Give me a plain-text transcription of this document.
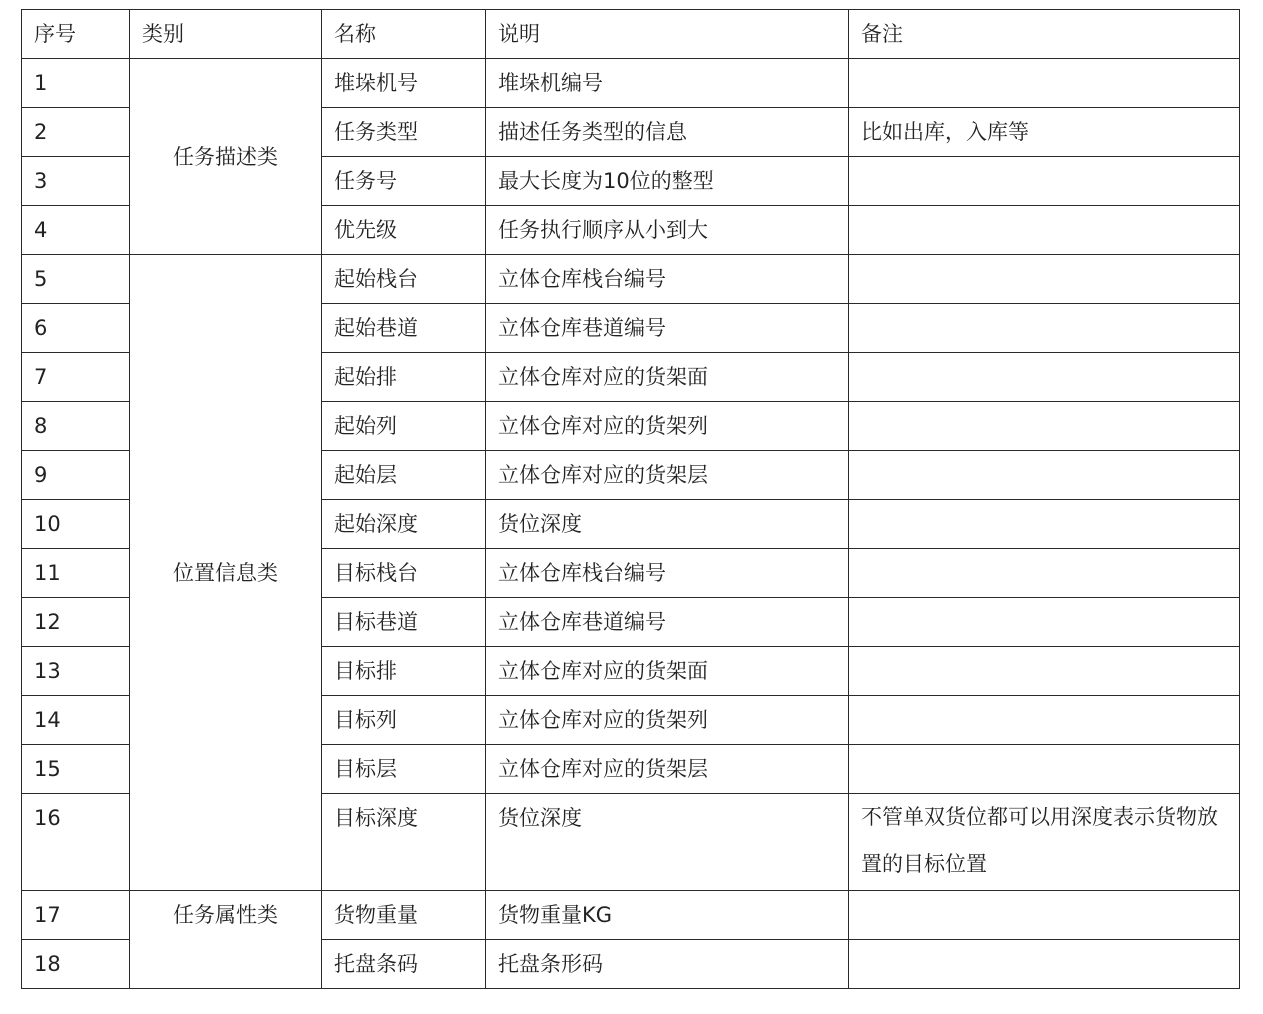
序号	类别	名称	说明	备注
1	任务描述类	堆垛机号	堆垛机编号	
2		任务类型	描述任务类型的信息	比如出库，入库等
3		任务号	最大长度为10位的整型	
4		优先级	任务执行顺序从小到大	
5	位置信息类	起始栈台	立体仓库栈台编号	
6		起始巷道	立体仓库巷道编号	
7		起始排	立体仓库对应的货架面	
8		起始列	立体仓库对应的货架列	
9		起始层	立体仓库对应的货架层	
10		起始深度	货位深度	
11		目标栈台	立体仓库栈台编号	
12		目标巷道	立体仓库巷道编号	
13		目标排	立体仓库对应的货架面	
14		目标列	立体仓库对应的货架列	
15		目标层	立体仓库对应的货架层	
16		目标深度	货位深度	不管单双货位都可以用深度表示货物放置的目标位置
17	任务属性类	货物重量	货物重量KG	
18		托盘条码	托盘条形码	
